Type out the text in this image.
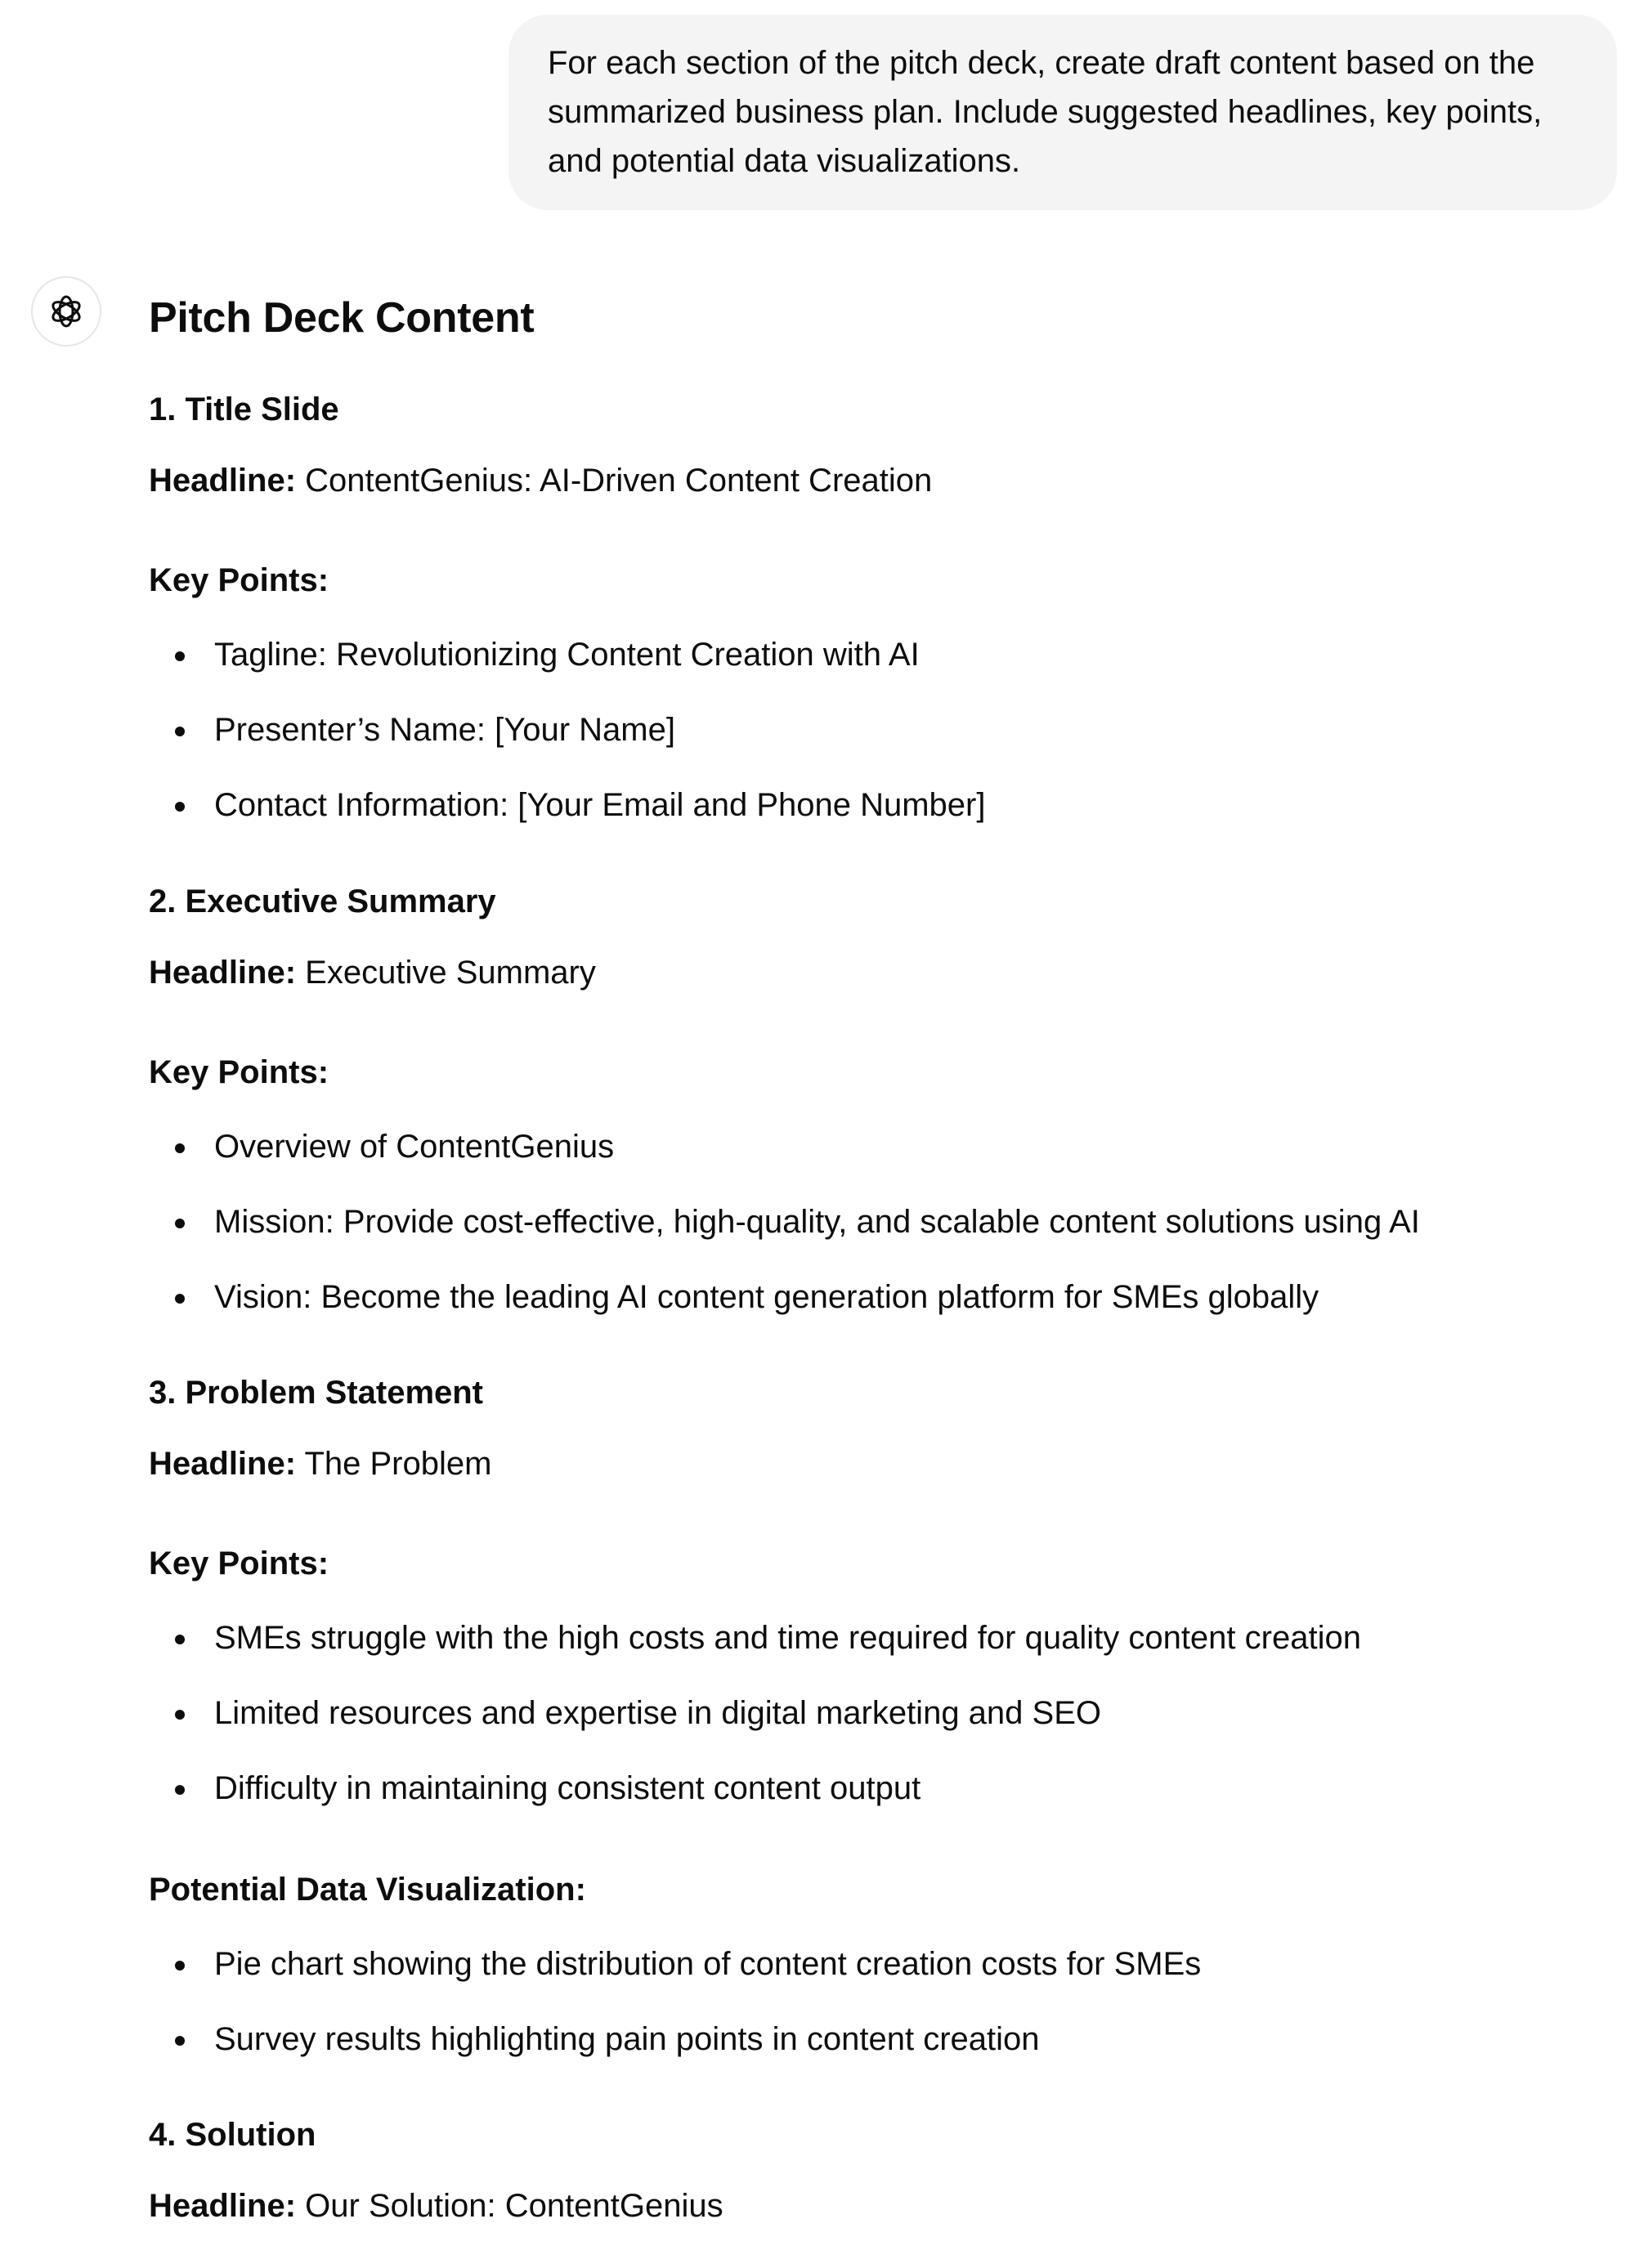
For each section of the pitch deck, create draft content based on the summarized business plan. Include suggested headlines, key points, and potential data visualizations.
Pitch Deck Content
1. Title Slide
Headline: ContentGenius: AI-Driven Content Creation
Key Points:
Tagline: Revolutionizing Content Creation with AI
Presenter’s Name: [Your Name]
Contact Information: [Your Email and Phone Number]
2. Executive Summary
Headline: Executive Summary
Key Points:
Overview of ContentGenius
Mission: Provide cost-effective, high-quality, and scalable content solutions using AI
Vision: Become the leading AI content generation platform for SMEs globally
3. Problem Statement
Headline: The Problem
Key Points:
SMEs struggle with the high costs and time required for quality content creation
Limited resources and expertise in digital marketing and SEO
Difficulty in maintaining consistent content output
Potential Data Visualization:
Pie chart showing the distribution of content creation costs for SMEs
Survey results highlighting pain points in content creation
4. Solution
Headline: Our Solution: ContentGenius
